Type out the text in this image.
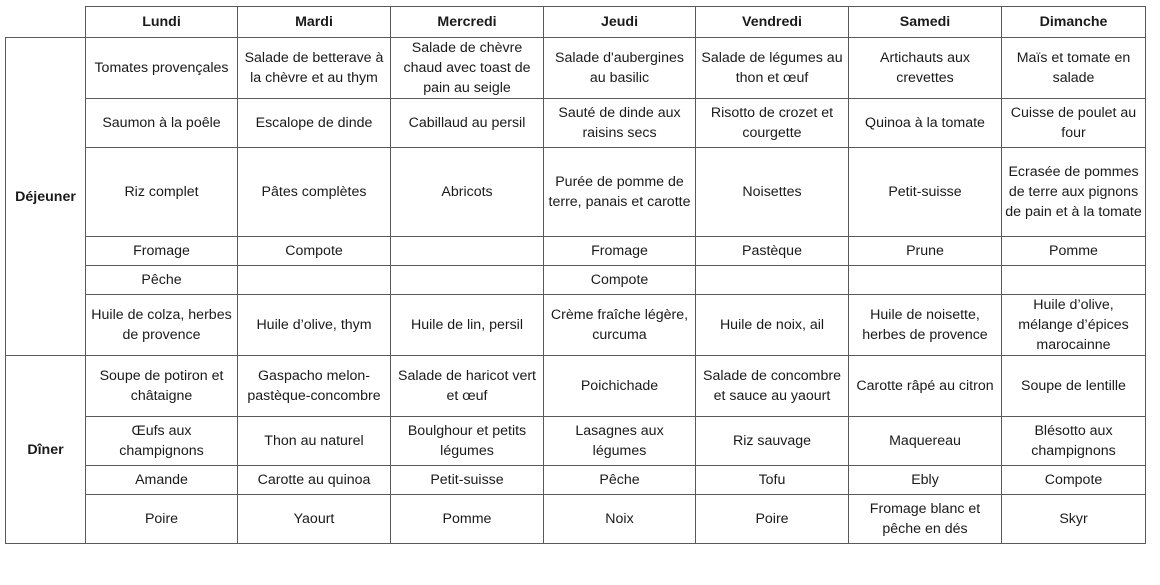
	Lundi	Mardi	Mercredi	Jeudi	Vendredi	Samedi	Dimanche
Déjeuner	Tomates provençales	Salade de betterave à la chèvre et au thym	Salade de chèvre chaud avec toast de pain au seigle	Salade d'aubergines au basilic	Salade de légumes au thon et œuf	Artichauts aux crevettes	Maïs et tomate en salade
	Saumon à la poêle	Escalope de dinde	Cabillaud au persil	Sauté de dinde aux raisins secs	Risotto de crozet et courgette	Quinoa à la tomate	Cuisse de poulet au four
	Riz complet	Pâtes complètes	Abricots	Purée de pomme de terre, panais et carotte	Noisettes	Petit-suisse	Ecrasée de pommes de terre aux pignons de pain et à la tomate
	Fromage	Compote		Fromage	Pastèque	Prune	Pomme
	Pêche			Compote			
	Huile de colza, herbes de provence	Huile d’olive, thym	Huile de lin, persil	Crème fraîche légère, curcuma	Huile de noix, ail	Huile de noisette, herbes de provence	Huile d’olive, mélange d’épices marocainne
Dîner	Soupe de potiron et châtaigne	Gaspacho melon-pastèque-concombre	Salade de haricot vert et œuf	Poichichade	Salade de concombre et sauce au yaourt	Carotte râpé au citron	Soupe de lentille
	Œufs aux champignons	Thon au naturel	Boulghour et petits légumes	Lasagnes aux légumes	Riz sauvage	Maquereau	Blésotto aux champignons
	Amande	Carotte au quinoa	Petit-suisse	Pêche	Tofu	Ebly	Compote
	Poire	Yaourt	Pomme	Noix	Poire	Fromage blanc et pêche en dés	Skyr
